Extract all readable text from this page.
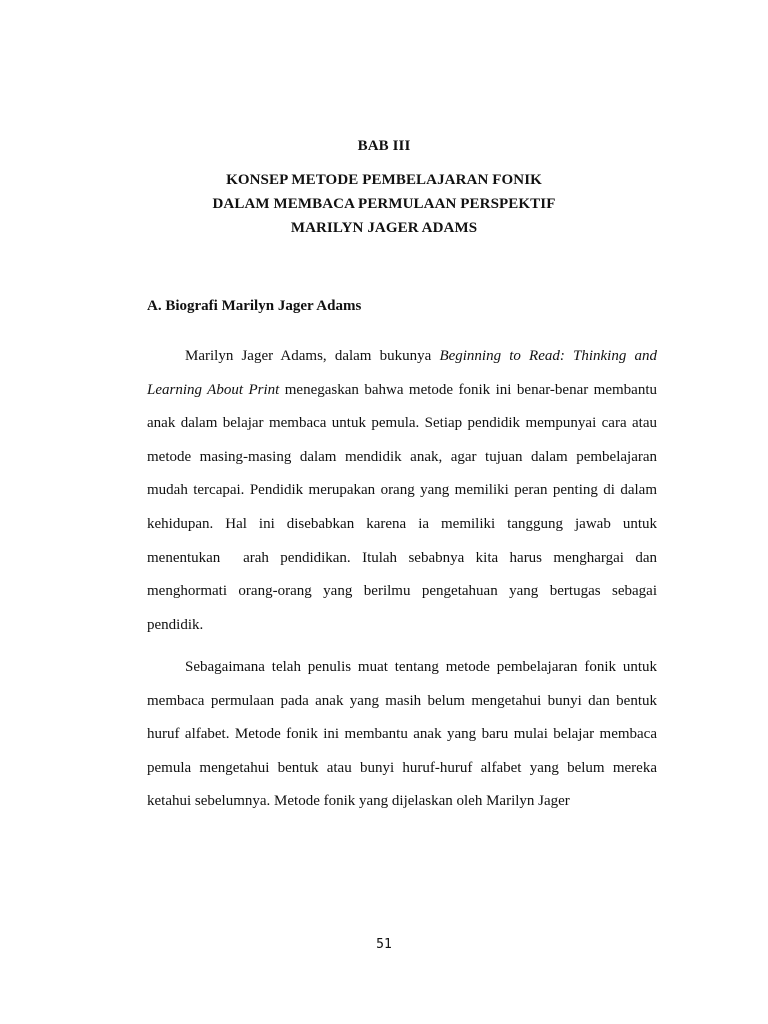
BAB III
KONSEP METODE PEMBELAJARAN FONIK
DALAM MEMBACA PERMULAAN PERSPEKTIF
MARILYN JAGER ADAMS
A. Biografi Marilyn Jager Adams
Marilyn Jager Adams, dalam bukunya Beginning to Read: Thinking and
Learning About Print menegaskan bahwa metode fonik ini benar-benar membantu
anak dalam belajar membaca untuk pemula. Setiap pendidik mempunyai cara atau
metode masing-masing dalam mendidik anak, agar tujuan dalam pembelajaran
mudah tercapai. Pendidik merupakan orang yang memiliki peran penting di dalam
kehidupan. Hal ini disebabkan karena ia memiliki tanggung jawab untuk
menentukan  arah pendidikan. Itulah sebabnya kita harus menghargai dan
menghormati orang-orang yang berilmu pengetahuan yang bertugas sebagai
pendidik.
Sebagaimana telah penulis muat tentang metode pembelajaran fonik untuk
membaca permulaan pada anak yang masih belum mengetahui bunyi dan bentuk
huruf alfabet. Metode fonik ini membantu anak yang baru mulai belajar membaca
pemula mengetahui bentuk atau bunyi huruf-huruf alfabet yang belum mereka
ketahui sebelumnya. Metode fonik yang dijelaskan oleh Marilyn Jager
51
